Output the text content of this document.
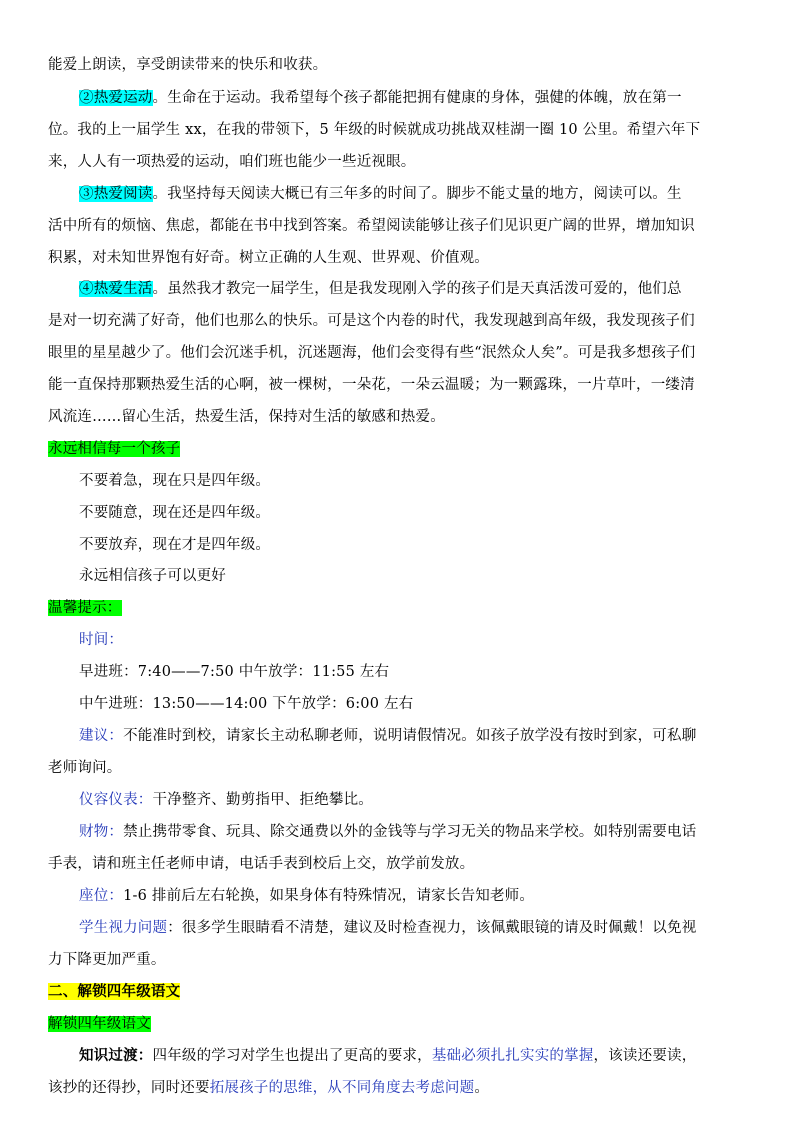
能爱上朗读，享受朗读带来的快乐和收获。
②热爱运动。生命在于运动。我希望每个孩子都能把拥有健康的身体，强健的体魄，放在第一
位。我的上一届学生 xx，在我的带领下，5 年级的时候就成功挑战双桂湖一圈 10 公里。希望六年下
来，人人有一项热爱的运动，咱们班也能少一些近视眼。
③热爱阅读。我坚持每天阅读大概已有三年多的时间了。脚步不能丈量的地方，阅读可以。生
活中所有的烦恼、焦虑，都能在书中找到答案。希望阅读能够让孩子们见识更广阔的世界，增加知识
积累，对未知世界饱有好奇。树立正确的人生观、世界观、价值观。
④热爱生活。虽然我才教完一届学生，但是我发现刚入学的孩子们是天真活泼可爱的，他们总
是对一切充满了好奇，他们也那么的快乐。可是这个内卷的时代，我发现越到高年级，我发现孩子们
眼里的星星越少了。他们会沉迷手机，沉迷题海，他们会变得有些“泯然众人矣”。可是我多想孩子们
能一直保持那颗热爱生活的心啊，被一棵树，一朵花，一朵云温暖；为一颗露珠，一片草叶，一缕清
风流连……留心生活，热爱生活，保持对生活的敏感和热爱。
永远相信每一个孩子
不要着急，现在只是四年级。
不要随意，现在还是四年级。
不要放弃，现在才是四年级。
永远相信孩子可以更好
温馨提示：
时间：
早进班：7:40——7:50 中午放学：11:55 左右
中午进班：13:50——14:00 下午放学：6:00 左右
建议：不能准时到校，请家长主动私聊老师，说明请假情况。如孩子放学没有按时到家，可私聊
老师询问。
仪容仪表：干净整齐、勤剪指甲、拒绝攀比。
财物：禁止携带零食、玩具、除交通费以外的金钱等与学习无关的物品来学校。如特别需要电话
手表，请和班主任老师申请，电话手表到校后上交，放学前发放。
座位：1-6 排前后左右轮换，如果身体有特殊情况，请家长告知老师。
学生视力问题：很多学生眼睛看不清楚，建议及时检查视力，该佩戴眼镜的请及时佩戴！以免视
力下降更加严重。
二、解锁四年级语文
解锁四年级语文
知识过渡：四年级的学习对学生也提出了更高的要求，基础必须扎扎实实的掌握，该读还要读，
该抄的还得抄，同时还要拓展孩子的思维，从不同角度去考虑问题。
